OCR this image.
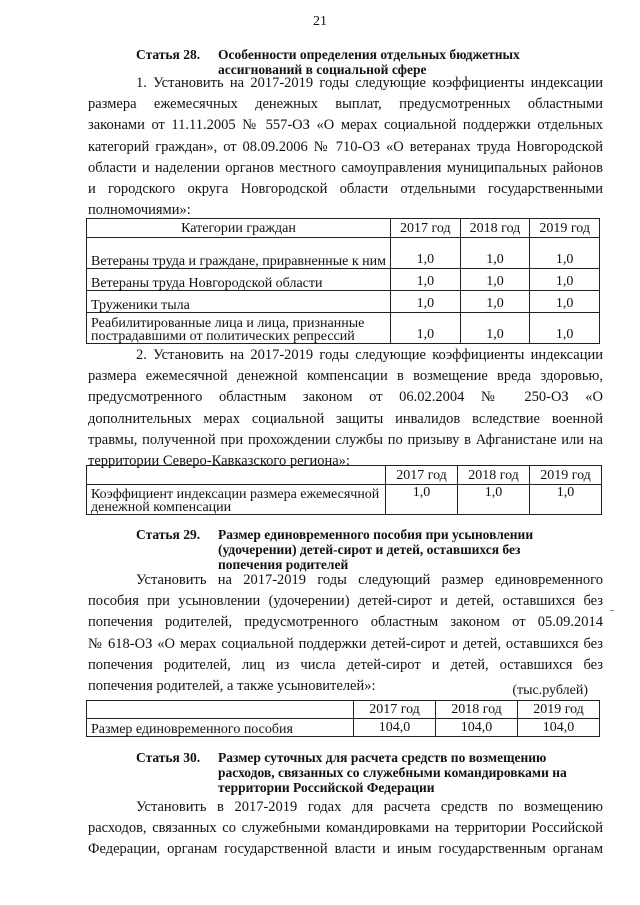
21
Статья 28. Особенности определения отдельных бюджетных ассигнований в социальной сфере
1. Установить на 2017-2019 годы следующие коэффициенты индексации
размера ежемесячных денежных выплат, предусмотренных областными
законами от 11.11.2005 № 557-ОЗ «О мерах социальной поддержки отдельных
категорий граждан», от 08.09.2006 № 710-ОЗ «О ветеранах труда Новгородской
области и наделении органов местного самоуправления муниципальных районов
и городского округа Новгородской области отдельными государственными
полномочиями»:
Категории граждан	2017 год	2018 год	2019 год
Ветераны труда и граждане, приравненные к ним	1,0	1,0	1,0
Ветераны труда Новгородской области	1,0	1,0	1,0
Труженики тыла	1,0	1,0	1,0
Реабилитированные лица и лица, признанные пострадавшими от политических репрессий	1,0	1,0	1,0
2. Установить на 2017-2019 годы следующие коэффициенты индексации
размера ежемесячной денежной компенсации в возмещение вреда здоровью,
предусмотренного областным законом от 06.02.2004 № 250-ОЗ «О
дополнительных мерах социальной защиты инвалидов вследствие военной
травмы, полученной при прохождении службы по призыву в Афганистане или на
территории Северо-Кавказского региона»:
	2017 год	2018 год	2019 год
Коэффициент индексации размера ежемесячной денежной компенсации	1,0	1,0	1,0
Статья 29. Размер единовременного пособия при усыновлении (удочерении) детей-сирот и детей, оставшихся без попечения родителей
Установить на 2017-2019 годы следующий размер единовременного
пособия при усыновлении (удочерении) детей-сирот и детей, оставшихся без
попечения родителей, предусмотренного областным законом от 05.09.2014
№ 618-ОЗ «О мерах социальной поддержки детей-сирот и детей, оставшихся без
попечения родителей, лиц из числа детей-сирот и детей, оставшихся без
попечения родителей, а также усыновителей»:	(тыс.рублей)
	2017 год	2018 год	2019 год
Размер единовременного пособия	104,0	104,0	104,0
Статья 30. Размер суточных для расчета средств по возмещению расходов, связанных со служебными командировками на территории Российской Федерации
Установить в 2017-2019 годах для расчета средств по возмещению
расходов, связанных со служебными командировками на территории Российской
Федерации, органам государственной власти и иным государственным органам
